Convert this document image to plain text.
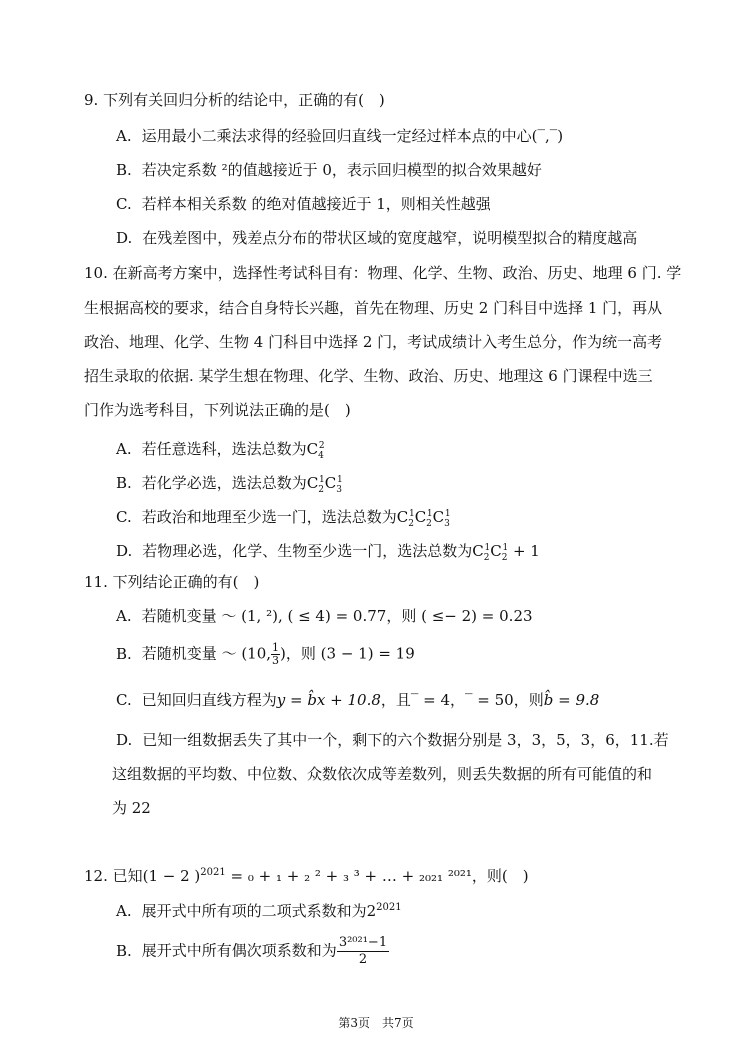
9. 下列有关回归分析的结论中，正确的有(　)
A. 运用最小二乘法求得的经验回归直线一定经过样本点的中心(‾,‾)
B. 若决定系数 ²的值越接近于 0，表示回归模型的拟合效果越好
C. 若样本相关系数 的绝对值越接近于 1，则相关性越强
D. 在残差图中，残差点分布的带状区域的宽度越窄，说明模型拟合的精度越高
10. 在新高考方案中，选择性考试科目有：物理、化学、生物、政治、历史、地理 6 门. 学
生根据高校的要求，结合自身特长兴趣，首先在物理、历史 2 门科目中选择 1 门，再从
政治、地理、化学、生物 4 门科目中选择 2 门，考试成绩计入考生总分，作为统一高考
招生录取的依据. 某学生想在物理、化学、生物、政治、历史、地理这 6 门课程中选三
门作为选考科目，下列说法正确的是(　)
A. 若任意选科，选法总数为$C_4^2$
B. 若化学必选，选法总数为$C_2^1C_3^1$
C. 若政治和地理至少选一门，选法总数为$C_2^1C_2^1C_3^1$
D. 若物理必选，化学、生物至少选一门，选法总数为$C_2^1C_2^1 + 1$
11. 下列结论正确的有(　)
A. 若随机变量 ～ (1, ²), ( ≤ 4) = 0.77，则 ( ≤− 2) = 0.23
B. 若随机变量 ～ (10, $\frac{1}{3}$ )，则 (3 − 1) = 19
C. 已知回归直线方程为y = b̂x + 10.8，且‾ = 4，‾ = 50，则b̂ = 9.8
D. 已知一组数据丢失了其中一个，剩下的六个数据分别是 3，3，5，3，6，11.若
这组数据的平均数、中位数、众数依次成等差数列，则丢失数据的所有可能值的和
为 22
12. 已知(1 − 2 )$^{2021}$ = ₀ + ₁ + ₂ ² + ₃ ³ + … + ₂₀₂₁ ²⁰²¹，则(　)
A. 展开式中所有项的二项式系数和为$2^{2021}$
B. 展开式中所有偶次项系数和为 $\frac{\text{3²⁰²¹−1}}{2}$
第3页　共7页
